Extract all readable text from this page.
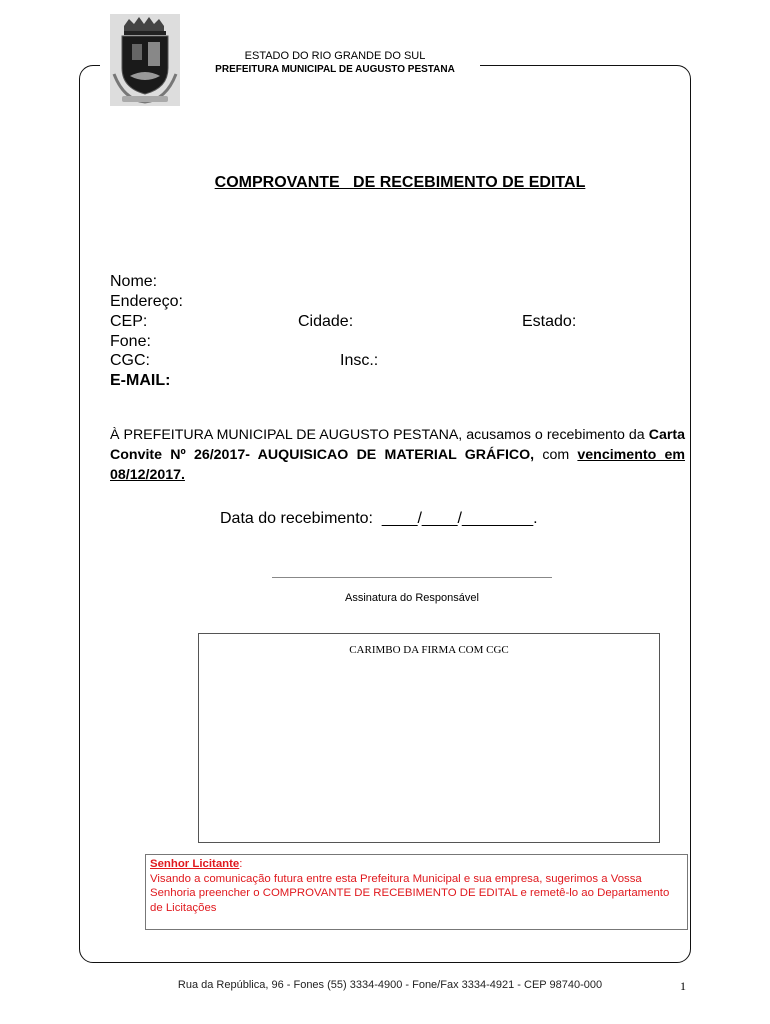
ESTADO DO RIO GRANDE DO SUL
PREFEITURA MUNICIPAL DE AUGUSTO PESTANA
COMPROVANTE   DE RECEBIMENTO DE EDITAL
Nome:
Endereço:
CEP:	Cidade:	Estado:
Fone:
CGC:	Insc.:
E-MAIL:
À PREFEITURA MUNICIPAL DE AUGUSTO PESTANA, acusamos o recebimento da Carta Convite Nº 26/2017- AUQUISICAO DE MATERIAL GRÁFICO, com vencimento em 08/12/2017.
Data do recebimento:  ____/____/________.
Assinatura do Responsável
CARIMBO DA FIRMA COM CGC
Senhor Licitante:
Visando a comunicação futura entre esta Prefeitura Municipal e sua empresa, sugerimos a Vossa Senhoria preencher o COMPROVANTE DE RECEBIMENTO DE EDITAL e remetê-lo ao Departamento de Licitações
Rua da República, 96 - Fones (55) 3334-4900 - Fone/Fax 3334-4921 - CEP 98740-000	1
